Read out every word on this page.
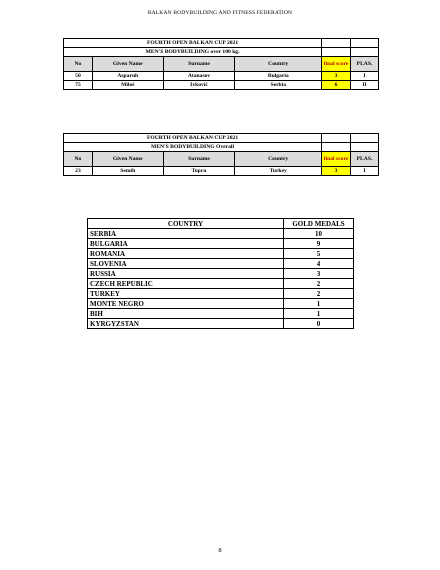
BALKAN BODYBUILDING AND FITNESS FEDERATION
FOURTH OPEN BALKAN CUP 2021					
MEN'S BODYBUILDING over 100 kg.					
No	Given Name	Surname	Country	final score	PLAS.
50	Asparuh	Atanasov	Bulgaria	3	I
75	Miloš	Ivković	Serbia	6	II
FOURTH OPEN BALKAN CUP 2021					
MEN'S BODYBUILDING Overall					
No	Given Name	Surname	Country	final score	PLAS.
23	Semih	Topcu	Turkey	3	I
COUNTRY	GOLD MEDALS
SERBIA	10
BULGARIA	9
ROMANIA	5
SLOVENIA	4
RUSSIA	3
CZECH REPUBLIC	2
TURKEY	2
MONTE NEGRO	1
BIH	1
KYRGYZSTAN	0
8
